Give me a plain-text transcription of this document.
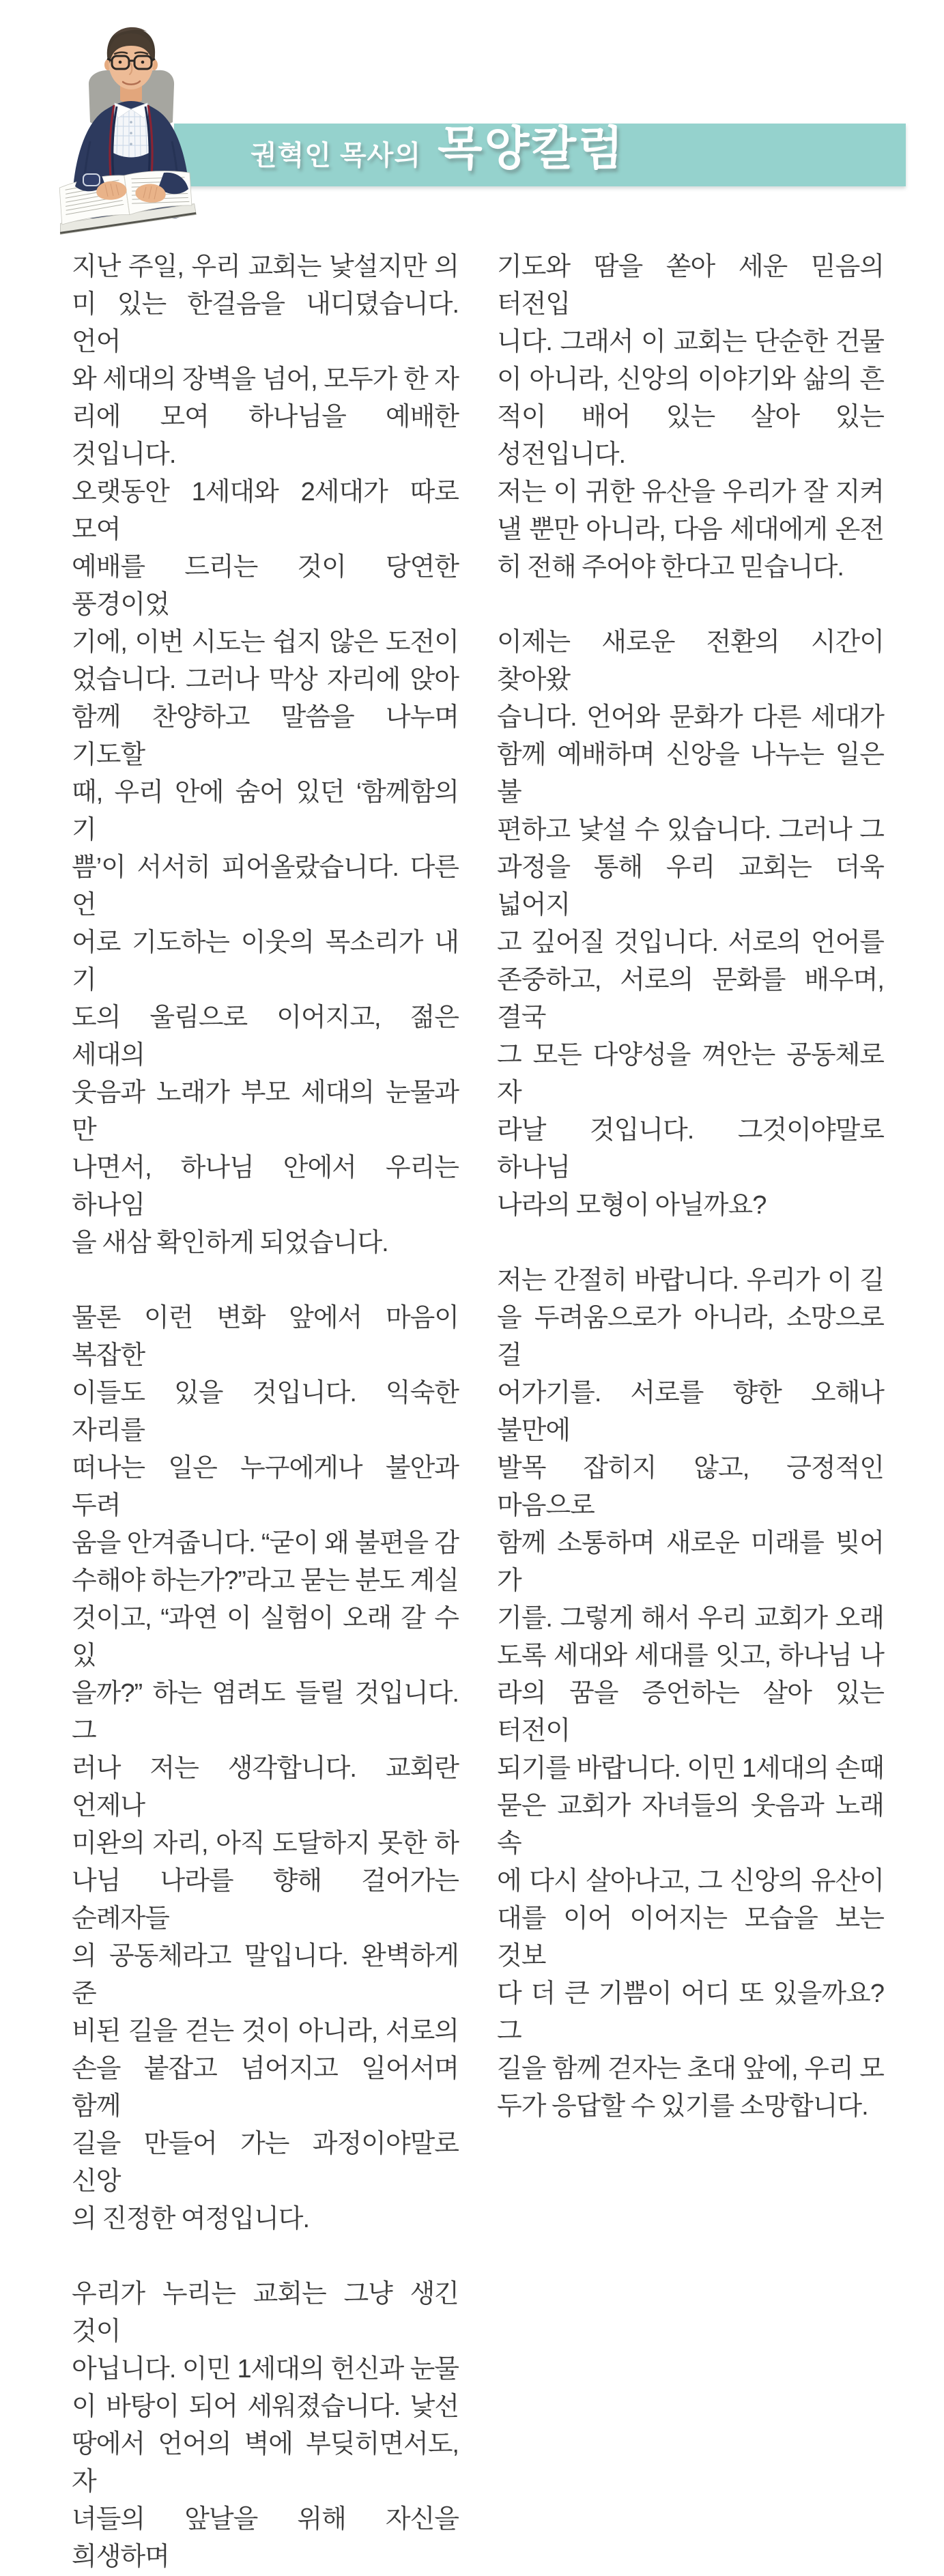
권혁인 목사의 목양칼럼
지난 주일, 우리 교회는 낯설지만 의
미 있는 한걸음을 내디뎠습니다. 언어
와 세대의 장벽을 넘어, 모두가 한 자
리에 모여 하나님을 예배한 것입니다.
오랫동안 1세대와 2세대가 따로 모여
예배를 드리는 것이 당연한 풍경이었
기에, 이번 시도는 쉽지 않은 도전이
었습니다. 그러나 막상 자리에 앉아
함께 찬양하고 말씀을 나누며 기도할
때, 우리 안에 숨어 있던 ‘함께함의 기
쁨’이 서서히 피어올랐습니다. 다른 언
어로 기도하는 이웃의 목소리가 내 기
도의 울림으로 이어지고, 젊은 세대의
웃음과 노래가 부모 세대의 눈물과 만
나면서, 하나님 안에서 우리는 하나임
을 새삼 확인하게 되었습니다.
물론 이런 변화 앞에서 마음이 복잡한
이들도 있을 것입니다. 익숙한 자리를
떠나는 일은 누구에게나 불안과 두려
움을 안겨줍니다. “굳이 왜 불편을 감
수해야 하는가?”라고 묻는 분도 계실
것이고, “과연 이 실험이 오래 갈 수 있
을까?” 하는 염려도 들릴 것입니다. 그
러나 저는 생각합니다. 교회란 언제나
미완의 자리, 아직 도달하지 못한 하
나님 나라를 향해 걸어가는 순례자들
의 공동체라고 말입니다. 완벽하게 준
비된 길을 걷는 것이 아니라, 서로의
손을 붙잡고 넘어지고 일어서며 함께
길을 만들어 가는 과정이야말로 신앙
의 진정한 여정입니다.
우리가 누리는 교회는 그냥 생긴 것이
아닙니다. 이민 1세대의 헌신과 눈물
이 바탕이 되어 세워졌습니다. 낯선
땅에서 언어의 벽에 부딪히면서도, 자
녀들의 앞날을 위해 자신을 희생하며
기도와 땀을 쏟아 세운 믿음의 터전입
니다. 그래서 이 교회는 단순한 건물
이 아니라, 신앙의 이야기와 삶의 흔
적이 배어 있는 살아 있는 성전입니다.
저는 이 귀한 유산을 우리가 잘 지켜
낼 뿐만 아니라, 다음 세대에게 온전
히 전해 주어야 한다고 믿습니다.
이제는 새로운 전환의 시간이 찾아왔
습니다. 언어와 문화가 다른 세대가
함께 예배하며 신앙을 나누는 일은 불
편하고 낯설 수 있습니다. 그러나 그
과정을 통해 우리 교회는 더욱 넓어지
고 깊어질 것입니다. 서로의 언어를
존중하고, 서로의 문화를 배우며, 결국
그 모든 다양성을 껴안는 공동체로 자
라날 것입니다. 그것이야말로 하나님
나라의 모형이 아닐까요?
저는 간절히 바랍니다. 우리가 이 길
을 두려움으로가 아니라, 소망으로 걸
어가기를. 서로를 향한 오해나 불만에
발목 잡히지 않고, 긍정적인 마음으로
함께 소통하며 새로운 미래를 빚어 가
기를. 그렇게 해서 우리 교회가 오래
도록 세대와 세대를 잇고, 하나님 나
라의 꿈을 증언하는 살아 있는 터전이
되기를 바랍니다. 이민 1세대의 손때
묻은 교회가 자녀들의 웃음과 노래 속
에 다시 살아나고, 그 신앙의 유산이
대를 이어 이어지는 모습을 보는 것보
다 더 큰 기쁨이 어디 또 있을까요?그
길을 함께 걷자는 초대 앞에, 우리 모
두가 응답할 수 있기를 소망합니다.
